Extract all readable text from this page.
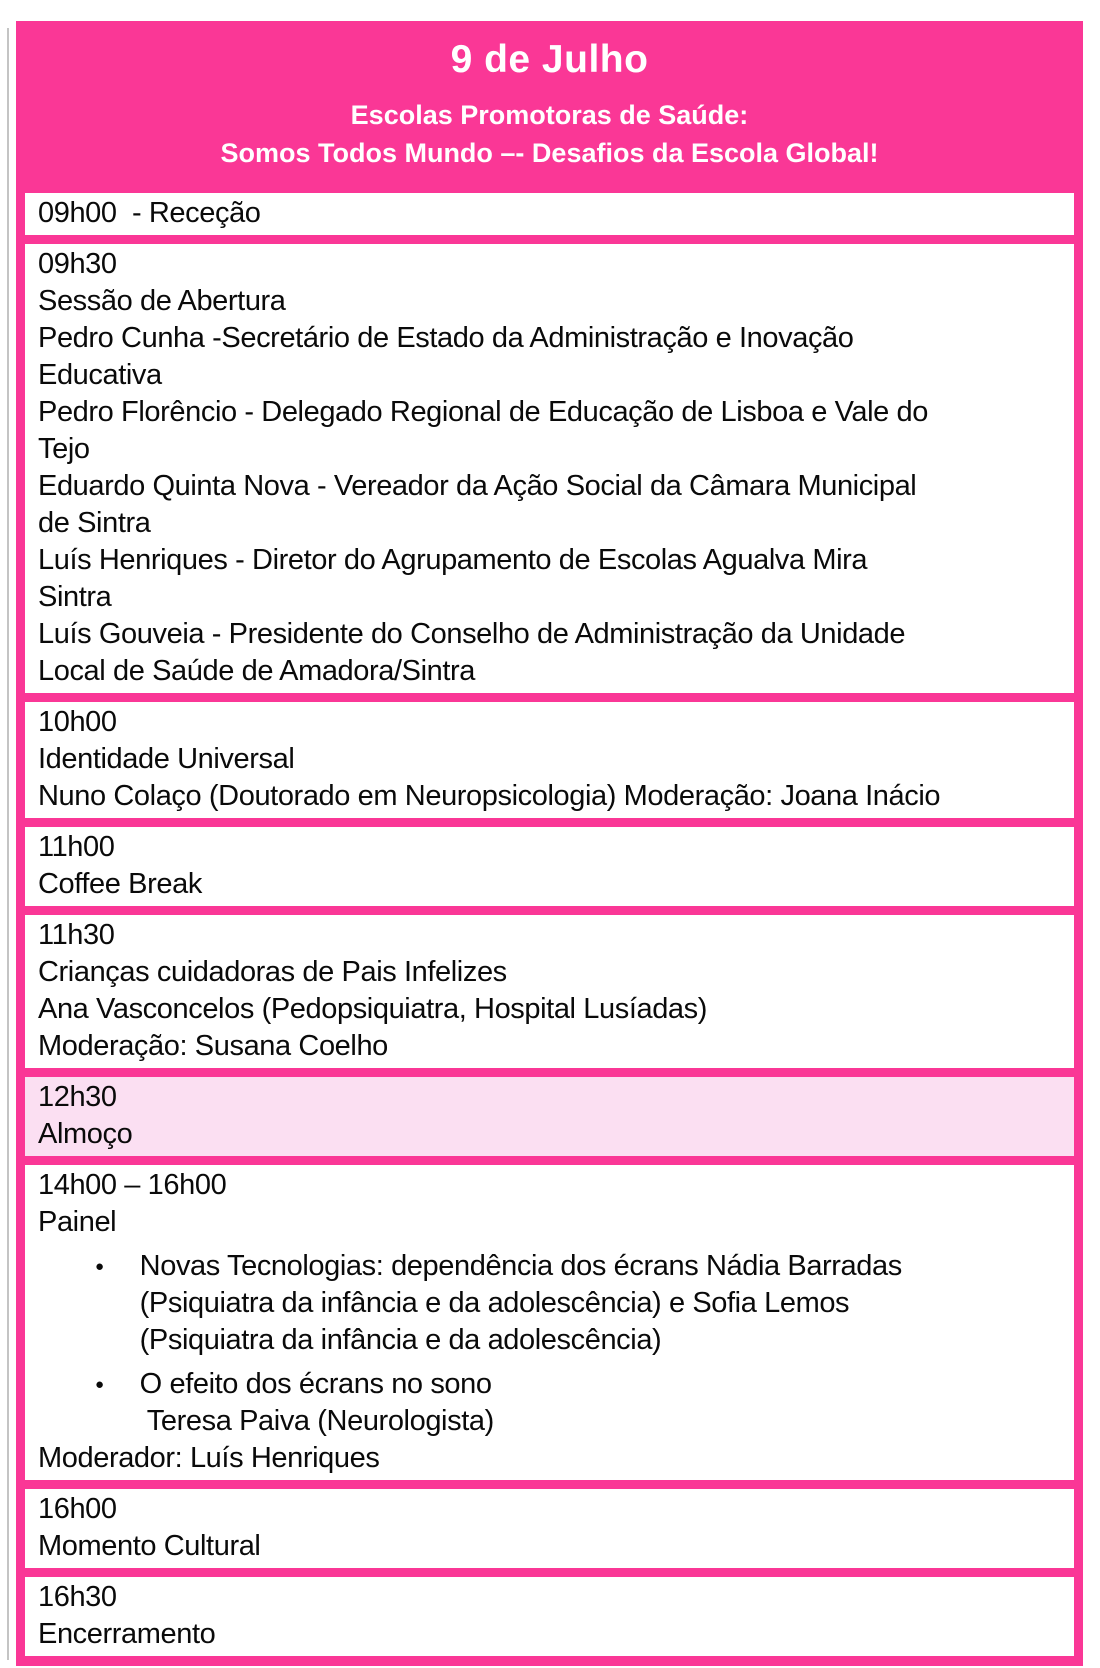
9 de Julho
Escolas Promotoras de Saúde:
Somos Todos Mundo –- Desafios da Escola Global!
09h00  - Receção
09h30
Sessão de Abertura
Pedro Cunha -Secretário de Estado da Administração e Inovação
Educativa
Pedro Florêncio - Delegado Regional de Educação de Lisboa e Vale do
Tejo
Eduardo Quinta Nova - Vereador da Ação Social da Câmara Municipal
de Sintra
Luís Henriques - Diretor do Agrupamento de Escolas Agualva Mira
Sintra
Luís Gouveia - Presidente do Conselho de Administração da Unidade
Local de Saúde de Amadora/Sintra
10h00
Identidade Universal
Nuno Colaço (Doutorado em Neuropsicologia) Moderação: Joana Inácio
11h00
Coffee Break
11h30
Crianças cuidadoras de Pais Infelizes
Ana Vasconcelos (Pedopsiquiatra, Hospital Lusíadas)
Moderação: Susana Coelho
12h30
Almoço
14h00 – 16h00
Painel
● Novas Tecnologias: dependência dos écrans Nádia Barradas
(Psiquiatra da infância e da adolescência) e Sofia Lemos
(Psiquiatra da infância e da adolescência)
● O efeito dos écrans no sono
Teresa Paiva (Neurologista)
Moderador: Luís Henriques
16h00
Momento Cultural
16h30
Encerramento
